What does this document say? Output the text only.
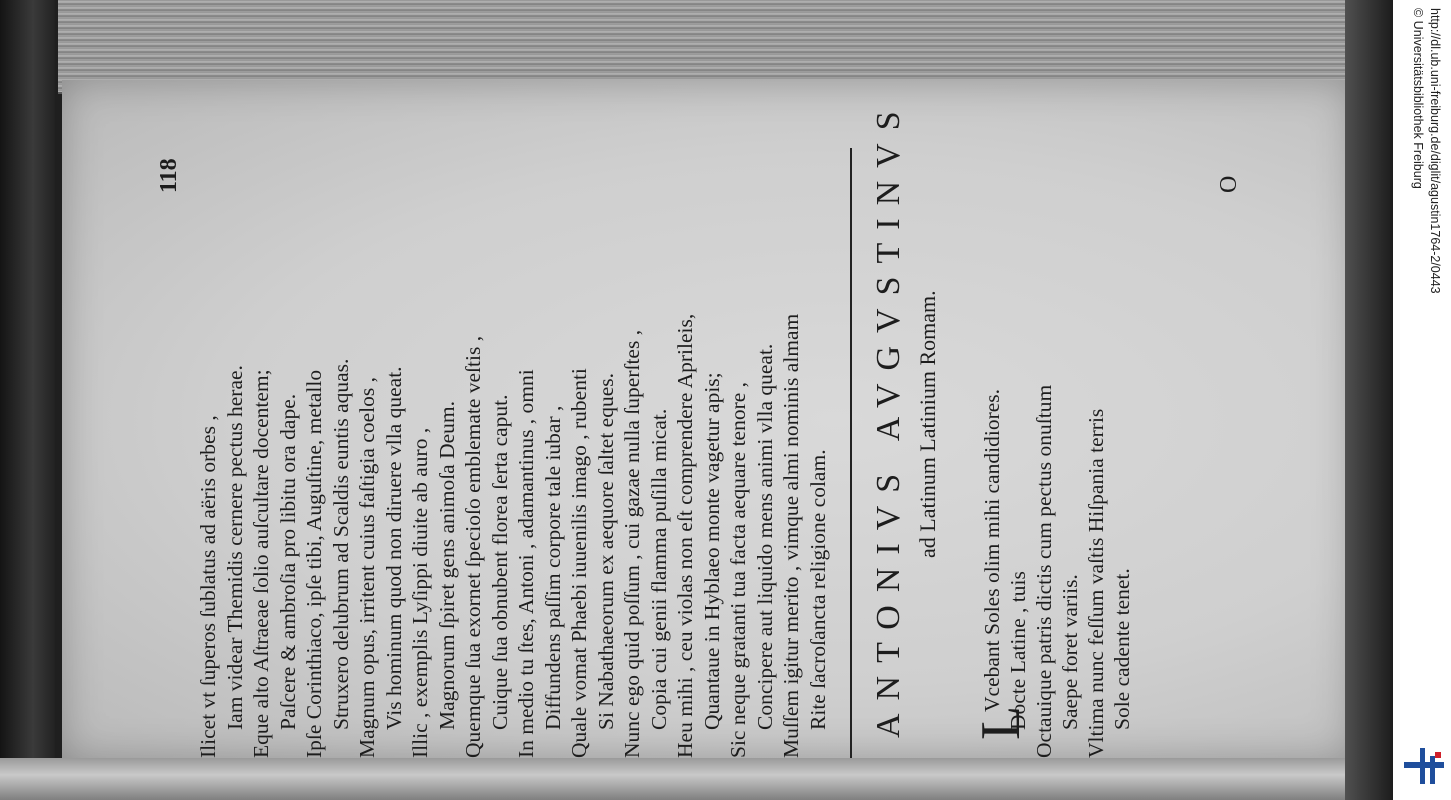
118
Ilicet vt ſuperos ſublatus ad aëris orbes , Iam videar Themidis cernere pectus herae. Eque alto Aſtraeae ſolio auſcultare docentem; Paſcere & ambroſia pro libitu ora dape. Ipſe Corinthiaco, ipſe tibi, Auguſtine, metallo Struxero delubrum ad Scaldis euntis aquas. Magnum opus, irritent cuius faſtigia coelos , Vis hominum quod non diruere vlla queat. Illic , exemplis Lyſippi diuite ab auro , Magnorum ſpiret gens animoſa Deum. Quemque ſua exornet ſpecioſo emblemate veſtis , Cuique ſua obnubent florea ſerta caput. In medio tu ſtes, Antoni , adamantinus , omni Diffundens paſſim corpore tale iubar , Quale vomat Phaebi iuuenilis imago , rubenti Si Nabathaeorum ex aequore ſaltet eques. Nunc ego quid poſſum , cui gazae nulla ſuperſtes , Copia cui genii flamma puſilla micat. Heu mihi , ceu violas non eſt comprendere Aprileis, Quantaue in Hyblaeo monte vagetur apis; Sic neque gratanti tua facta aequare tenore , Concipere aut liquido mens animi vlla queat. Muſſem igitur merito , vimque almi nominis almam Rite ſacroſancta religione colam. ANTONIVS AVGVSTINVS ad Latinum Latinium Romam.
L
Vcebant Soles olim mihi candidiores. Docte Latine , tuis Octauique patris dictis cum pectus onuſtum Saepe foret variis. Vltima nunc feſſum vaſtis Hiſpania terris Sole cadente tenet.
O	http://dl.ub.uni-freiburg.de/diglit/agustin1764-2/0443
© Universitätsbibliothek Freiburg
